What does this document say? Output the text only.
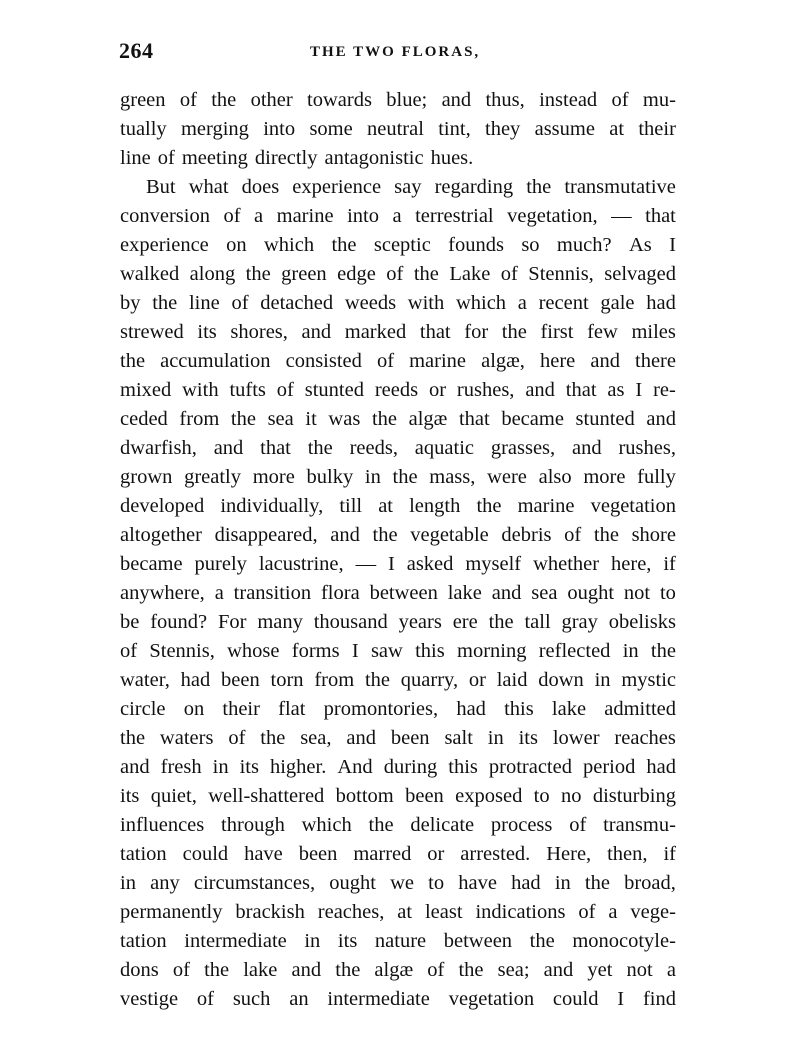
264	THE TWO FLORAS,
green of the other towards blue; and thus, instead of mu-
tually merging into some neutral tint, they assume at their
line of meeting directly antagonistic hues.
But what does experience say regarding the transmutative
conversion of a marine into a terrestrial vegetation, — that
experience on which the sceptic founds so much? As I
walked along the green edge of the Lake of Stennis, selvaged
by the line of detached weeds with which a recent gale had
strewed its shores, and marked that for the first few miles
the accumulation consisted of marine algæ, here and there
mixed with tufts of stunted reeds or rushes, and that as I re-
ceded from the sea it was the algæ that became stunted and
dwarfish, and that the reeds, aquatic grasses, and rushes,
grown greatly more bulky in the mass, were also more fully
developed individually, till at length the marine vegetation
altogether disappeared, and the vegetable debris of the shore
became purely lacustrine, — I asked myself whether here, if
anywhere, a transition flora between lake and sea ought not to
be found? For many thousand years ere the tall gray obelisks
of Stennis, whose forms I saw this morning reflected in the
water, had been torn from the quarry, or laid down in mystic
circle on their flat promontories, had this lake admitted
the waters of the sea, and been salt in its lower reaches
and fresh in its higher. And during this protracted period had
its quiet, well-shattered bottom been exposed to no disturbing
influences through which the delicate process of transmu-
tation could have been marred or arrested. Here, then, if
in any circumstances, ought we to have had in the broad,
permanently brackish reaches, at least indications of a vege-
tation intermediate in its nature between the monocotyle-
dons of the lake and the algæ of the sea; and yet not a
vestige of such an intermediate vegetation could I find
